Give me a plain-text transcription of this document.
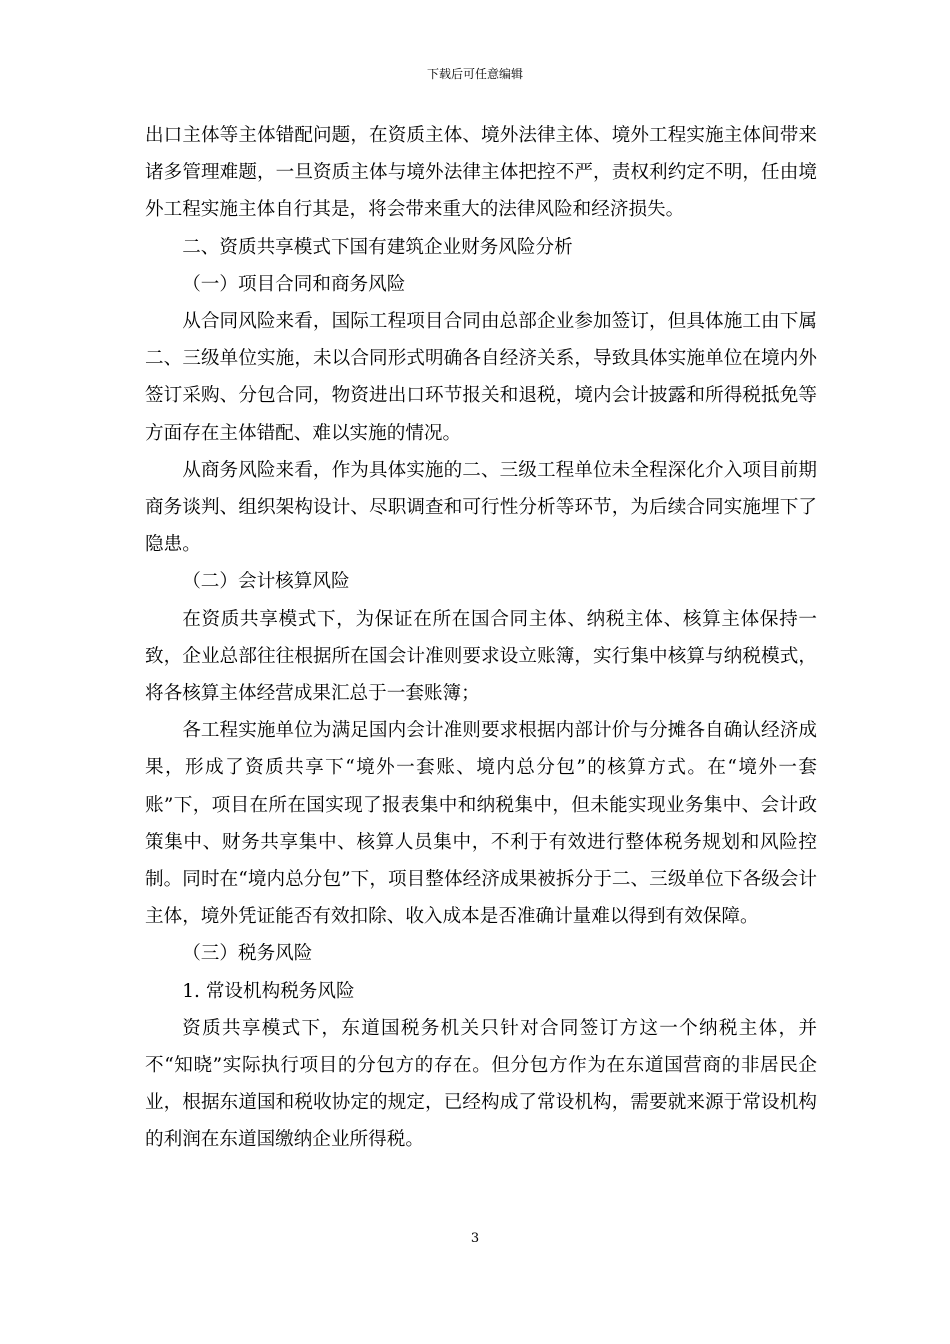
下载后可任意编辑

出口主体等主体错配问题，在资质主体、境外法律主体、境外工程实施主体间带来诸多管理难题，一旦资质主体与境外法律主体把控不严，责权利约定不明，任由境外工程实施主体自行其是，将会带来重大的法律风险和经济损失。

二、资质共享模式下国有建筑企业财务风险分析

（一）项目合同和商务风险

从合同风险来看，国际工程项目合同由总部企业参加签订，但具体施工由下属二、三级单位实施，未以合同形式明确各自经济关系，导致具体实施单位在境内外签订采购、分包合同，物资进出口环节报关和退税，境内会计披露和所得税抵免等方面存在主体错配、难以实施的情况。

从商务风险来看，作为具体实施的二、三级工程单位未全程深化介入项目前期商务谈判、组织架构设计、尽职调查和可行性分析等环节，为后续合同实施埋下了隐患。

（二）会计核算风险

在资质共享模式下，为保证在所在国合同主体、纳税主体、核算主体保持一致，企业总部往往根据所在国会计准则要求设立账簿，实行集中核算与纳税模式，将各核算主体经营成果汇总于一套账簿；

各工程实施单位为满足国内会计准则要求根据内部计价与分摊各自确认经济成果，形成了资质共享下“境外一套账、境内总分包”的核算方式。在“境外一套账”下，项目在所在国实现了报表集中和纳税集中，但未能实现业务集中、会计政策集中、财务共享集中、核算人员集中，不利于有效进行整体税务规划和风险控制。同时在“境内总分包”下，项目整体经济成果被拆分于二、三级单位下各级会计主体，境外凭证能否有效扣除、收入成本是否准确计量难以得到有效保障。

（三）税务风险

1. 常设机构税务风险

资质共享模式下，东道国税务机关只针对合同签订方这一个纳税主体，并不“知晓”实际执行项目的分包方的存在。但分包方作为在东道国营商的非居民企业，根据东道国和税收协定的规定，已经构成了常设机构，需要就来源于常设机构的利润在东道国缴纳企业所得税。

3
